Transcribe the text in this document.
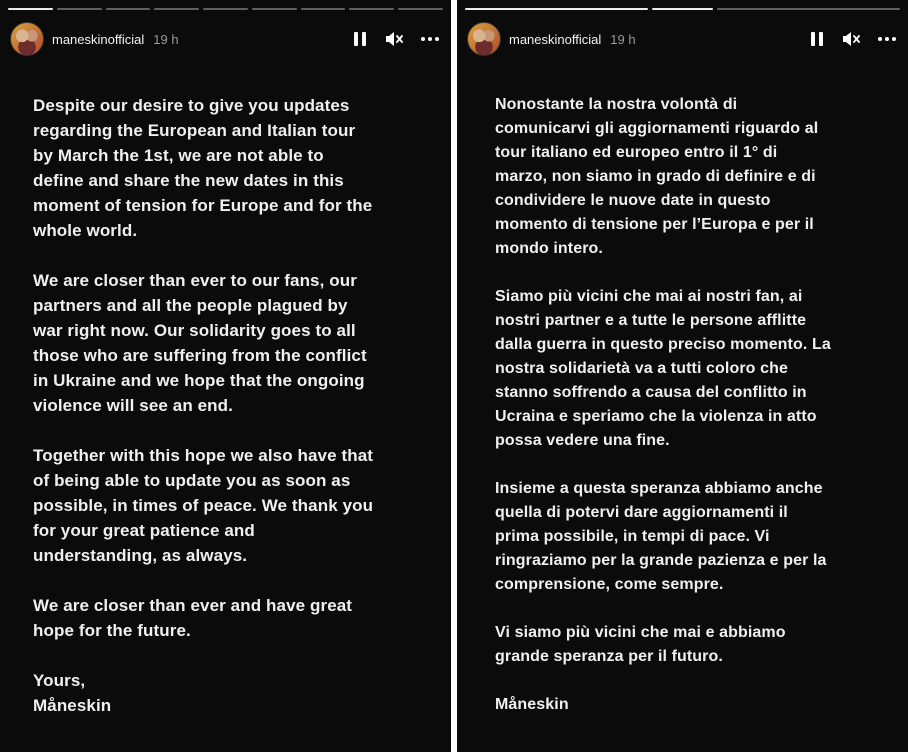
maneskinofficial 19 h

Despite our desire to give you updates
regarding the European and Italian tour
by March the 1st, we are not able to
define and share the new dates in this
moment of tension for Europe and for the
whole world.

We are closer than ever to our fans, our
partners and all the people plagued by
war right now. Our solidarity goes to all
those who are suffering from the conflict
in Ukraine and we hope that the ongoing
violence will see an end.

Together with this hope we also have that
of being able to update you as soon as
possible, in times of peace. We thank you
for your great patience and
understanding, as always.

We are closer than ever and have great
hope for the future.

Yours,
Måneskin

maneskinofficial 19 h

Nonostante la nostra volontà di
comunicarvi gli aggiornamenti riguardo al
tour italiano ed europeo entro il 1° di
marzo, non siamo in grado di definire e di
condividere le nuove date in questo
momento di tensione per l’Europa e per il
mondo intero.

Siamo più vicini che mai ai nostri fan, ai
nostri partner e a tutte le persone afflitte
dalla guerra in questo preciso momento. La
nostra solidarietà va a tutti coloro che
stanno soffrendo a causa del conflitto in
Ucraina e speriamo che la violenza in atto
possa vedere una fine.

Insieme a questa speranza abbiamo anche
quella di potervi dare aggiornamenti il
prima possibile, in tempi di pace. Vi
ringraziamo per la grande pazienza e per la
comprensione, come sempre.

Vi siamo più vicini che mai e abbiamo
grande speranza per il futuro.

Måneskin
